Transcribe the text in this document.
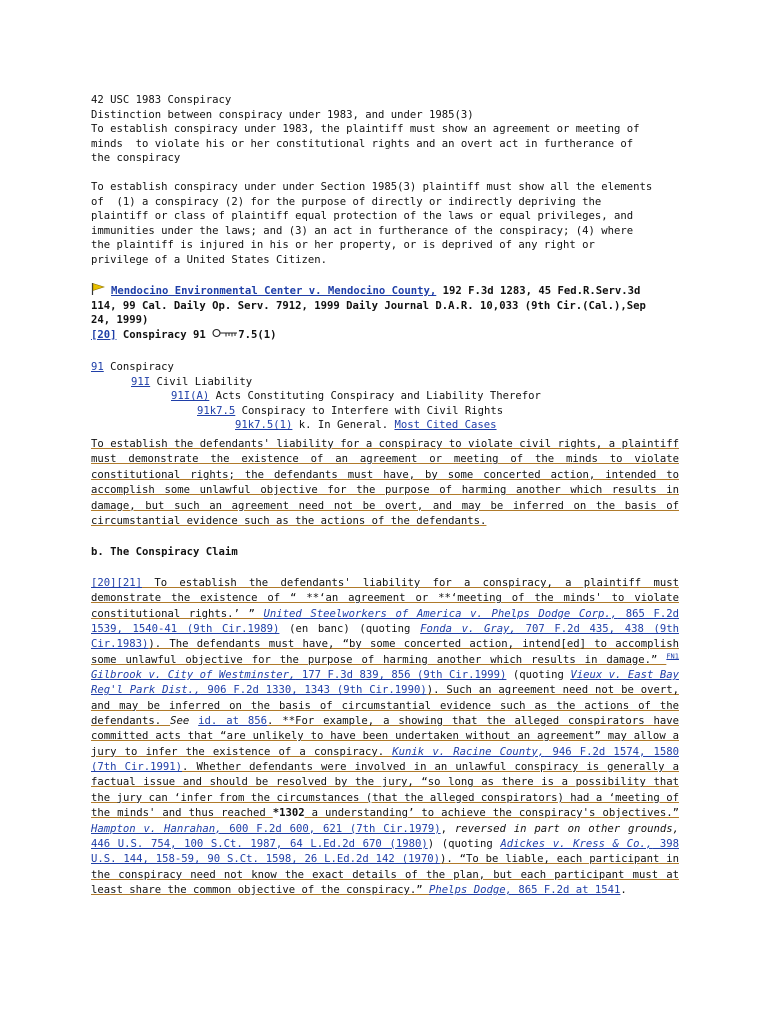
42 USC 1983 Conspiracy
Distinction between conspiracy under 1983, and under 1985(3)
To establish conspiracy under 1983, the plaintiff must show an agreement or meeting of
minds  to violate his or her constitutional rights and an overt act in furtherance of
the conspiracy
To establish conspiracy under under Section 1985(3) plaintiff must show all the elements
of  (1) a conspiracy (2) for the purpose of directly or indirectly depriving the
plaintiff or class of plaintiff equal protection of the laws or equal privileges, and
immunities under the laws; and (3) an act in furtherance of the conspiracy; (4) where
the plaintiff is injured in his or her property, or is deprived of any right or
privilege of a United States Citizen.
Mendocino Environmental Center v. Mendocino County, 192 F.3d 1283, 45 Fed.R.Serv.3d
114, 99 Cal. Daily Op. Serv. 7912, 1999 Daily Journal D.A.R. 10,033 (9th Cir.(Cal.),Sep
24, 1999)
[20] Conspiracy 91 7.5(1)
91 Conspiracy
91I Civil Liability
91I(A) Acts Constituting Conspiracy and Liability Therefor
91k7.5 Conspiracy to Interfere with Civil Rights
91k7.5(1) k. In General. Most Cited Cases
To establish the defendants' liability for a conspiracy to violate civil rights, a plaintiff must demonstrate the existence of an agreement or meeting of the minds to violate constitutional rights; the defendants must have, by some concerted action, intended to accomplish some unlawful objective for the purpose of harming another which results in damage, but such an agreement need not be overt, and may be inferred on the basis of circumstantial evidence such as the actions of the defendants.
b. The Conspiracy Claim
[20][21] To establish the defendants' liability for a conspiracy, a plaintiff must demonstrate the existence of “ **‘an agreement or **‘meeting of the minds' to violate constitutional rights.’ ” United Steelworkers of America v. Phelps Dodge Corp., 865 F.2d 1539, 1540-41 (9th Cir.1989) (en banc) (quoting Fonda v. Gray, 707 F.2d 435, 438 (9th Cir.1983)). The defendants must have, “by some concerted action, intend[ed] to accomplish some unlawful objective for the purpose of harming another which results in damage.” $^{FN1}$ Gilbrook v. City of Westminster, 177 F.3d 839, 856 (9th Cir.1999) (quoting Vieux v. East Bay Reg'l Park Dist., 906 F.2d 1330, 1343 (9th Cir.1990)). Such an agreement need not be overt, and may be inferred on the basis of circumstantial evidence such as the actions of the defendants. See id. at 856. **For example, a showing that the alleged conspirators have committed acts that “are unlikely to have been undertaken without an agreement” may allow a jury to infer the existence of a conspiracy. Kunik v. Racine County, 946 F.2d 1574, 1580 (7th Cir.1991). Whether defendants were involved in an unlawful conspiracy is generally a factual issue and should be resolved by the jury, “so long as there is a possibility that the jury can ‘infer from the circumstances (that the alleged conspirators) had a ‘meeting of the minds' and thus reached *1302 a understanding’ to achieve the conspiracy's objectives.” Hampton v. Hanrahan, 600 F.2d 600, 621 (7th Cir.1979), reversed in part on other grounds, 446 U.S. 754, 100 S.Ct. 1987, 64 L.Ed.2d 670 (1980)) (quoting Adickes v. Kress & Co., 398 U.S. 144, 158-59, 90 S.Ct. 1598, 26 L.Ed.2d 142 (1970)). “To be liable, each participant in the conspiracy need not know the exact details of the plan, but each participant must at least share the common objective of the conspiracy.” Phelps Dodge, 865 F.2d at 1541.
